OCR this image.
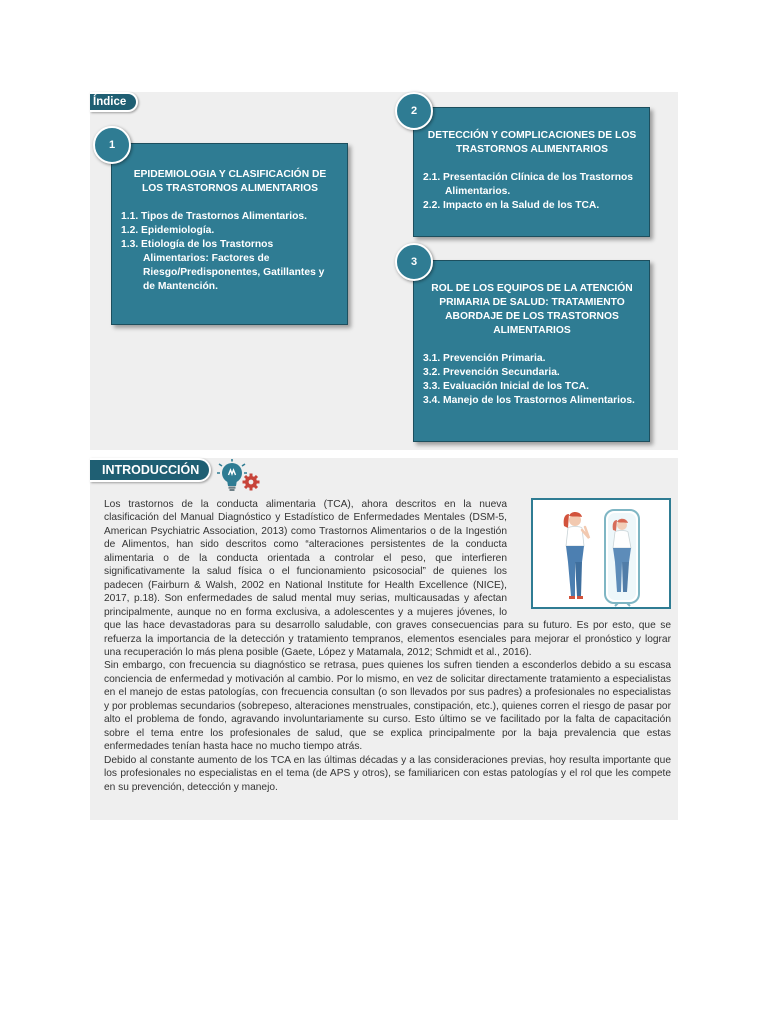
Índice
EPIDEMIOLOGIA Y CLASIFICACIÓN DE LOS TRASTORNOS ALIMENTARIOS
1.1. Tipos de Trastornos Alimentarios.
1.2. Epidemiología.
1.3. Etiología de los Trastornos Alimentarios: Factores de Riesgo/Predisponentes, Gatillantes y de Mantención.
1
DETECCIÓN Y COMPLICACIONES DE LOS TRASTORNOS ALIMENTARIOS
2.1. Presentación Clínica de los Trastornos Alimentarios.
2.2. Impacto en la Salud de los TCA.
2
ROL DE LOS EQUIPOS DE LA ATENCIÓN PRIMARIA DE SALUD: TRATAMIENTO ABORDAJE DE LOS TRASTORNOS ALIMENTARIOS
3.1. Prevención Primaria.
3.2. Prevención Secundaria.
3.3. Evaluación Inicial de los TCA.
3.4. Manejo de los Trastornos Alimentarios.
3
INTRODUCCIÓN

Los trastornos de la conducta alimentaria (TCA), ahora descritos en la nueva clasificación del Manual Diagnóstico y Estadístico de Enfermedades Mentales (DSM-5, American Psychiatric Association, 2013) como Trastornos Alimentarios o de la Ingestión de Alimentos, han sido descritos como “alteraciones persistentes de la conducta alimentaria o de la conducta orientada a controlar el peso, que interfieren significativamente la salud física o el funcionamiento psicosocial” de quienes los padecen (Fairburn & Walsh, 2002 en National Institute for Health Excellence (NICE), 2017, p.18). Son enfermedades de salud mental muy serias, multicausadas y afectan principalmente, aunque no en forma exclusiva, a adolescentes y a mujeres jóvenes, lo que las hace devastadoras para su desarrollo saludable, con graves consecuencias para su futuro. Es por esto, que se refuerza la importancia de la detección y tratamiento tempranos, elementos esenciales para mejorar el pronóstico y lograr una recuperación lo más plena posible (Gaete, López y Matamala, 2012; Schmidt et al., 2016).

Sin embargo, con frecuencia su diagnóstico se retrasa, pues quienes los sufren tienden a esconderlos debido a su escasa conciencia de enfermedad y motivación al cambio. Por lo mismo, en vez de solicitar directamente tratamiento a especialistas en el manejo de estas patologías, con frecuencia consultan (o son llevados por sus padres) a profesionales no especialistas y por problemas secundarios (sobrepeso, alteraciones menstruales, constipación, etc.), quienes corren el riesgo de pasar por alto el problema de fondo, agravando involuntariamente su curso. Esto último se ve facilitado por la falta de capacitación sobre el tema entre los profesionales de salud, que se explica principalmente por la baja prevalencia que estas enfermedades tenían hasta hace no mucho tiempo atrás.

Debido al constante aumento de los TCA en las últimas décadas y a las consideraciones previas, hoy resulta importante que los profesionales no especialistas en el tema (de APS y otros), se familiaricen con estas patologías y el rol que les compete en su prevención, detección y manejo.
